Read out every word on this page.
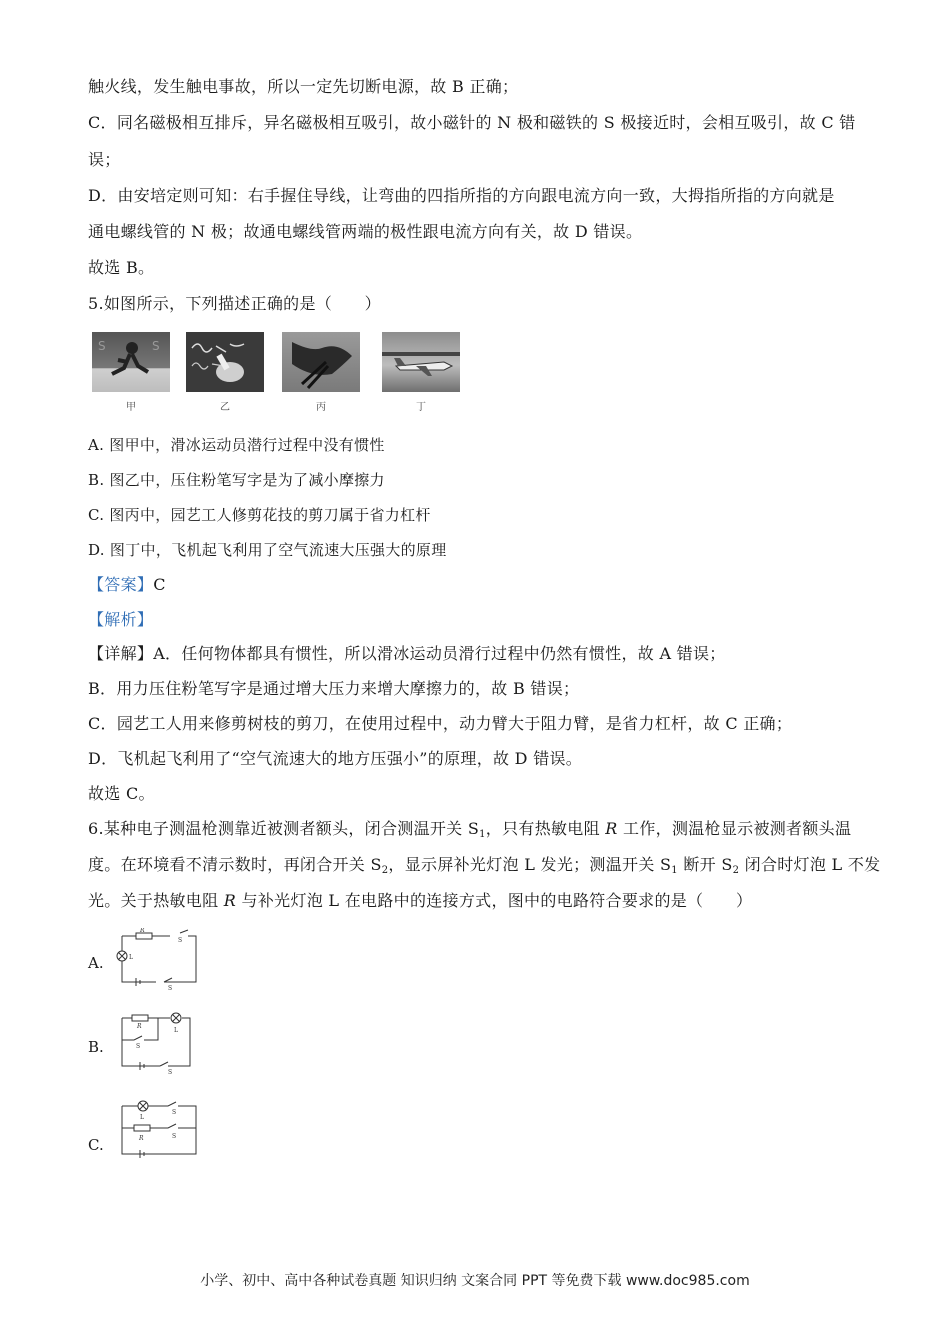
触火线，发生触电事故，所以一定先切断电源，故 B 正确；
C．同名磁极相互排斥，异名磁极相互吸引，故小磁针的 N 极和磁铁的 S 极接近时，会相互吸引，故 C 错
误；
D．由安培定则可知：右手握住导线，让弯曲的四指所指的方向跟电流方向一致，大拇指所指的方向就是
通电螺线管的 N 极；故通电螺线管两端的极性跟电流方向有关，故 D 错误。
故选 B。
5.如图所示，下列描述正确的是（　　）
S	S
甲	乙	丙	丁
A. 图甲中，滑冰运动员潜行过程中没有惯性
B. 图乙中，压住粉笔写字是为了减小摩擦力
C. 图丙中，园艺工人修剪花技的剪刀属于省力杠杆
D. 图丁中，飞机起飞利用了空气流速大压强大的原理
【答案】C
【解析】
【详解】A．任何物体都具有惯性，所以滑冰运动员滑行过程中仍然有惯性，故 A 错误；
B．用力压住粉笔写字是通过增大压力来增大摩擦力的，故 B 错误；
C．园艺工人用来修剪树枝的剪刀，在使用过程中，动力臂大于阻力臂，是省力杠杆，故 C 正确；
D．飞机起飞利用了“空气流速大的地方压强小”的原理，故 D 错误。
故选 C。
6.某种电子测温枪测靠近被测者额头，闭合测温开关 $S_1$，只有热敏电阻 R 工作，测温枪显示被测者额头温
度。在环境看不清示数时，再闭合开关 $S_2$，显示屏补光灯泡 L 发光；测温开关 $S_1$ 断开 $S_2$ 闭合时灯泡 L 不发
光。关于热敏电阻 R 与补光灯泡 L 在电路中的连接方式，图中的电路符合要求的是（　　）
A.
R
L
S
S
B.
R
L
S
S
C.
L
R
S
S
小学、初中、高中各种试卷真题 知识归纳 文案合同 PPT 等免费下载 www.doc985.com
